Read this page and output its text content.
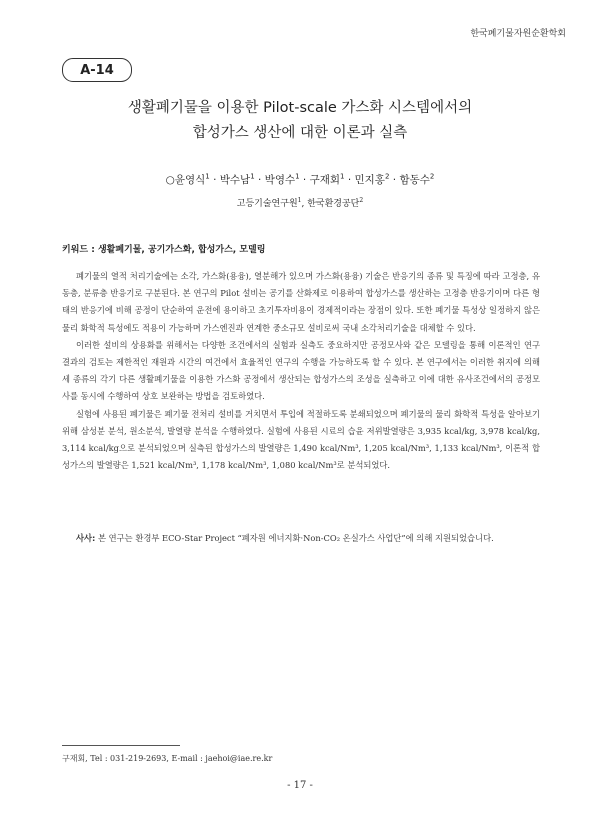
한국폐기물자원순환학회
A-14
생활폐기물을 이용한 Pilot-scale 가스화 시스템에서의
합성가스 생산에 대한 이론과 실측
○윤영식$^1$ · 박수남$^1$ · 박영수$^1$ · 구재회$^1$ · 민지홍$^2$ · 함동수$^2$
고등기술연구원$^1$, 한국환경공단$^2$
키워드 : 생활폐기물, 공기가스화, 합성가스, 모델링

폐기물의 열적 처리기술에는 소각, 가스화(용융), 열분해가 있으며 가스화(용융) 기술은 반응기의 종류 및 특징에 따라 고정층, 유동층, 분류층 반응기로 구분된다. 본 연구의 Pilot 설비는 공기를 산화제로 이용하여 합성가스를 생산하는 고정층 반응기이며 다른 형태의 반응기에 비해 공정이 단순하여 운전에 용이하고 초기투자비용이 경제적이라는 장점이 있다. 또한 폐기물 특성상 일정하지 않은 물리 화학적 특성에도 적용이 가능하며 가스엔진과 연계한 중소규모 설비로써 국내 소각처리기술을 대체할 수 있다.

이러한 설비의 상용화를 위해서는 다양한 조건에서의 실험과 실측도 중요하지만 공정모사와 같은 모델링을 통해 이론적인 연구 결과의 검토는 제한적인 재원과 시간의 여건에서 효율적인 연구의 수행을 가능하도록 할 수 있다. 본 연구에서는 이러한 취지에 의해 세 종류의 각기 다른 생활폐기물을 이용한 가스화 공정에서 생산되는 합성가스의 조성을 실측하고 이에 대한 유사조건에서의 공정모사를 동시에 수행하여 상호 보완하는 방법을 검토하였다.

실험에 사용된 폐기물은 폐기물 전처리 설비를 거치면서 투입에 적절하도록 분쇄되었으며 폐기물의 물리 화학적 특성을 알아보기 위해 삼성분 분석, 원소분석, 발열량 분석을 수행하였다. 실험에 사용된 시료의 습윤 저위발열량은 3,935 kcal/kg, 3,978 kcal/kg, 3,114 kcal/kg으로 분석되었으며 실측된 합성가스의 발열량은 1,490 kcal/Nm³, 1,205 kcal/Nm³, 1,133 kcal/Nm³, 이론적 합성가스의 발열량은 1,521 kcal/Nm³, 1,178 kcal/Nm³, 1,080 kcal/Nm³로 분석되었다.

사사: 본 연구는 환경부 ECO-Star Project “폐자원 에너지화·Non-CO₂ 온실가스 사업단”에 의해 지원되었습니다.
구재회, Tel : 031-219-2693, E-mail : jaehoi@iae.re.kr
- 17 -
